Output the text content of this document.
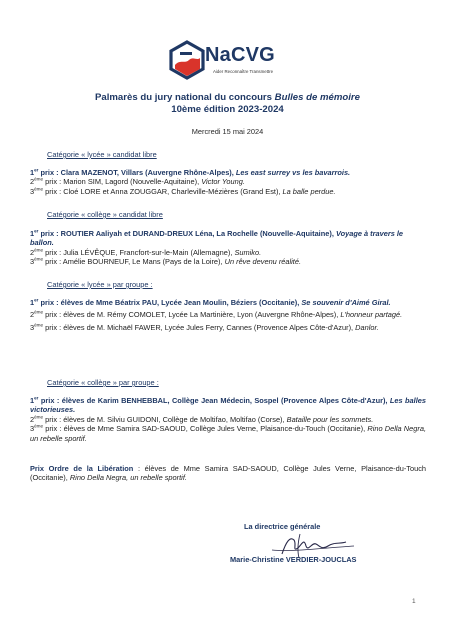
NaCVG
Aider Reconnaître Transmettre
Palmarès du jury national du concours Bulles de mémoire
10ème édition 2023-2024
Mercredi 15 mai 2024
Catégorie « lycée » candidat libre

1er prix : Clara MAZENOT, Villars (Auvergne Rhône-Alpes), Les east surrey vs les bavarrois.

2ème prix : Marion SIM, Lagord (Nouvelle-Aquitaine), Victor Young.

3ème prix : Cloé LORE et Anna ZOUGGAR, Charleville-Mézières (Grand Est), La balle perdue.

Catégorie « collège » candidat libre

1er prix : ROUTIER Aaliyah et DURAND-DREUX Léna, La Rochelle (Nouvelle-Aquitaine), Voyage à travers le ballon.

2ème prix : Julia LÉVÊQUE, Francfort-sur-le-Main (Allemagne), Sumiko.

3ème prix : Amélie BOURNEUF, Le Mans (Pays de la Loire), Un rêve devenu réalité.

Catégorie « lycée » par groupe :

1er prix : élèves de Mme Béatrix PAU, Lycée Jean Moulin, Béziers (Occitanie), Se souvenir d'Aimé Giral.

2ème prix : élèves de M. Rémy COMOLET, Lycée La Martinière, Lyon (Auvergne Rhône-Alpes), L'honneur partagé.

3ème prix : élèves de M. Michaël FAWER, Lycée Jules Ferry, Cannes (Provence Alpes Côte-d'Azur), Danlor.

Catégorie « collège » par groupe :

1er prix : élèves de Karim BENHEBBAL, Collège Jean Médecin, Sospel (Provence Alpes Côte-d'Azur), Les balles victorieuses.

2ème prix : élèves de M. Silviu GUIDONI, Collège de Moltifao, Moltifao (Corse), Bataille pour les sommets.

3ème prix : élèves de Mme Samira SAD-SAOUD, Collège Jules Verne, Plaisance-du-Touch (Occitanie), Rino Della Negra, un rebelle sportif.

Prix Ordre de la Libération : élèves de Mme Samira SAD-SAOUD, Collège Jules Verne, Plaisance-du-Touch (Occitanie), Rino Della Negra, un rebelle sportif.

La directrice générale
Marie-Christine VERDIER-JOUCLAS
1
